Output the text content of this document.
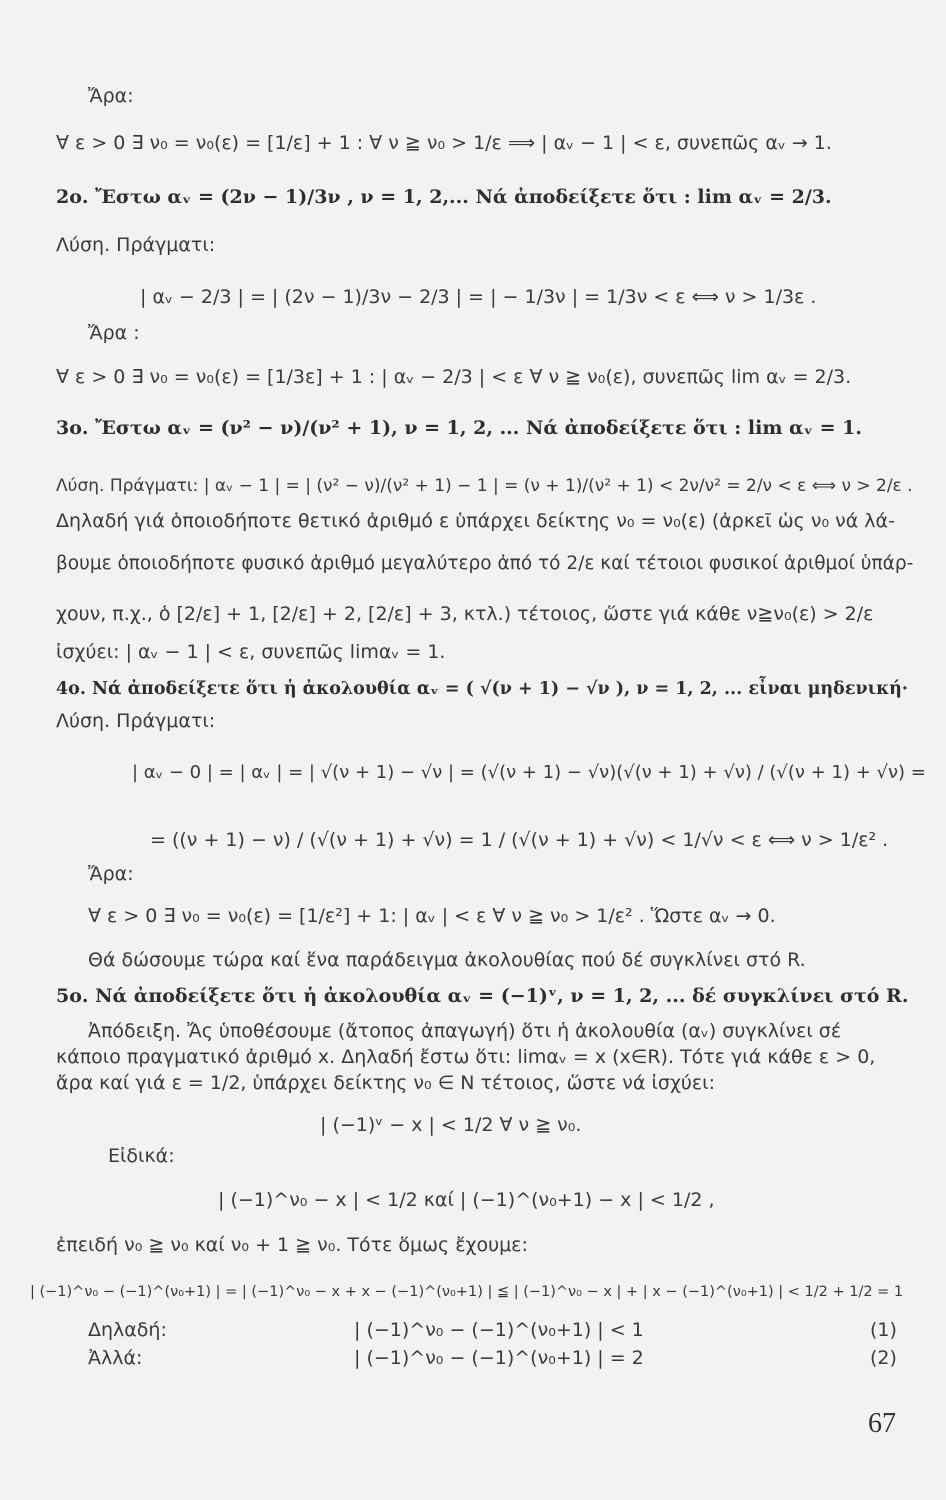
Ἄρα:
∀ ε > 0 ∃ ν₀ = ν₀(ε) = [1/ε] + 1 : ∀ ν ≧ ν₀ > 1/ε ⟹ | αᵥ − 1 | < ε, συνεπῶς αᵥ → 1.
2ο. Ἔστω αᵥ = (2ν − 1)/3ν , ν = 1, 2,... Νά ἀποδείξετε ὅτι : lim αᵥ = 2/3.
Λύση. Πράγματι:
| αᵥ − 2/3 | = | (2ν − 1)/3ν − 2/3 | = | − 1/3ν | = 1/3ν < ε ⟺ ν > 1/3ε .
Ἄρα :
∀ ε > 0 ∃ ν₀ = ν₀(ε) = [1/3ε] + 1 : | αᵥ − 2/3 | < ε ∀ ν ≧ ν₀(ε), συνεπῶς lim αᵥ = 2/3.
3ο. Ἔστω αᵥ = (ν² − ν)/(ν² + 1), ν = 1, 2, ... Νά ἀποδείξετε ὅτι : lim αᵥ = 1.
Λύση. Πράγματι: | αᵥ − 1 | = | (ν² − ν)/(ν² + 1) − 1 | = (ν + 1)/(ν² + 1) < 2ν/ν² = 2/ν < ε ⟺ ν > 2/ε .
Δηλαδή γιά ὁποιοδήποτε θετικό ἀριθμό ε ὑπάρχει δείκτης ν₀ = ν₀(ε) (ἀρκεῖ ὡς ν₀ νά λά-
βουμε ὁποιοδήποτε φυσικό ἀριθμό μεγαλύτερο ἀπό τό 2/ε καί τέτοιοι φυσικοί ἀριθμοί ὑπάρ-
χουν, π.χ., ὁ [2/ε] + 1, [2/ε] + 2, [2/ε] + 3, κτλ.) τέτοιος, ὥστε γιά κάθε ν≧ν₀(ε) > 2/ε
ἰσχύει: | αᵥ − 1 | < ε, συνεπῶς limαᵥ = 1.
4ο. Νά ἀποδείξετε ὅτι ἡ ἀκολουθία αᵥ = ( √(ν + 1) − √ν ), ν = 1, 2, ... εἶναι μηδενική·
Λύση. Πράγματι:
| αᵥ − 0 | = | αᵥ | = | √(ν + 1) − √ν | = (√(ν + 1) − √ν)(√(ν + 1) + √ν) / (√(ν + 1) + √ν) =
= ((ν + 1) − ν) / (√(ν + 1) + √ν) = 1 / (√(ν + 1) + √ν) < 1/√ν < ε ⟺ ν > 1/ε² .
Ἄρα:
∀ ε > 0 ∃ ν₀ = ν₀(ε) = [1/ε²] + 1: | αᵥ | < ε ∀ ν ≧ ν₀ > 1/ε² . Ὥστε αᵥ → 0.
Θά δώσουμε τώρα καί ἕνα παράδειγμα ἀκολουθίας πού δέ συγκλίνει στό R.
5ο. Νά ἀποδείξετε ὅτι ἡ ἀκολουθία αᵥ = (−1)ᵛ, ν = 1, 2, ... δέ συγκλίνει στό R.
Ἀπόδειξη. Ἄς ὑποθέσουμε (ἄτοπος ἀπαγωγή) ὅτι ἡ ἀκολουθία (αᵥ) συγκλίνει σέ
κάποιο πραγματικό ἀριθμό x. Δηλαδή ἔστω ὅτι: limαᵥ = x (x∈R). Τότε γιά κάθε ε > 0,
ἄρα καί γιά ε = 1/2, ὑπάρχει δείκτης ν₀ ∈ N τέτοιος, ὥστε νά ἰσχύει:
| (−1)ᵛ − x | < 1/2 ∀ ν ≧ ν₀.
Εἰδικά:
| (−1)^ν₀ − x | < 1/2 καί | (−1)^(ν₀+1) − x | < 1/2 ,
ἐπειδή ν₀ ≧ ν₀ καί ν₀ + 1 ≧ ν₀. Τότε ὅμως ἔχουμε:
| (−1)^ν₀ − (−1)^(ν₀+1) | = | (−1)^ν₀ − x + x − (−1)^(ν₀+1) | ≦ | (−1)^ν₀ − x | + | x − (−1)^(ν₀+1) | < 1/2 + 1/2 = 1
Δηλαδή:	| (−1)^ν₀ − (−1)^(ν₀+1) | < 1	(1)
Ἀλλά:	| (−1)^ν₀ − (−1)^(ν₀+1) | = 2	(2)
67
